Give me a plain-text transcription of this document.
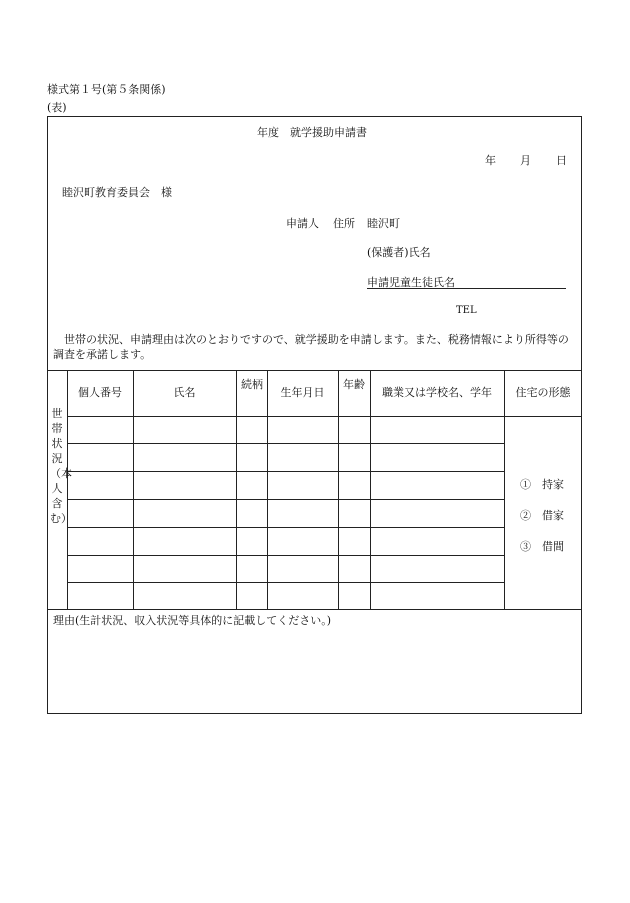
様式第１号(第５条関係)
(表)
年度　就学援助申請書
年 月 日
睦沢町教育委員会　様
申請人 住所 睦沢町
(保護者)氏名
申請児童生徒氏名
TEL
　世帯の状況、申請理由は次のとおりですので、就学援助を申請します。また、税務情報により所得等の調査を承諾します。
世帯状況（本人含む）
個人番号	氏名
続柄
生年月日
年齢
職業又は学校名、学年	住宅の形態
①　持家
②　借家
③　借間
理由(生計状況、収入状況等具体的に記載してください。)
